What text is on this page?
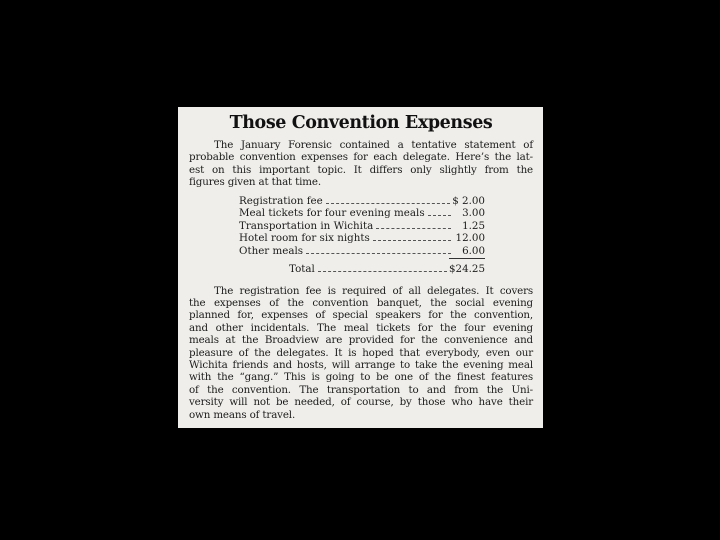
Those Convention Expenses

The January Forensic contained a tentative statement of
probable convention expenses for each delegate. Here’s the lat-
est on this important topic. It differs only slightly from the
figures given at that time.

Registration fee	$ 2.00
Meal tickets for four evening meals	3.00
Transportation in Wichita	1.25
Hotel room for six nights	12.00
Other meals	6.00
Total	$24.25

The registration fee is required of all delegates. It covers
the expenses of the convention banquet, the social evening
planned for, expenses of special speakers for the convention,
and other incidentals. The meal tickets for the four evening
meals at the Broadview are provided for the convenience and
pleasure of the delegates. It is hoped that everybody, even our
Wichita friends and hosts, will arrange to take the evening meal
with the “gang.” This is going to be one of the finest features
of the convention. The transportation to and from the Uni-
versity will not be needed, of course, by those who have their
own means of travel.
